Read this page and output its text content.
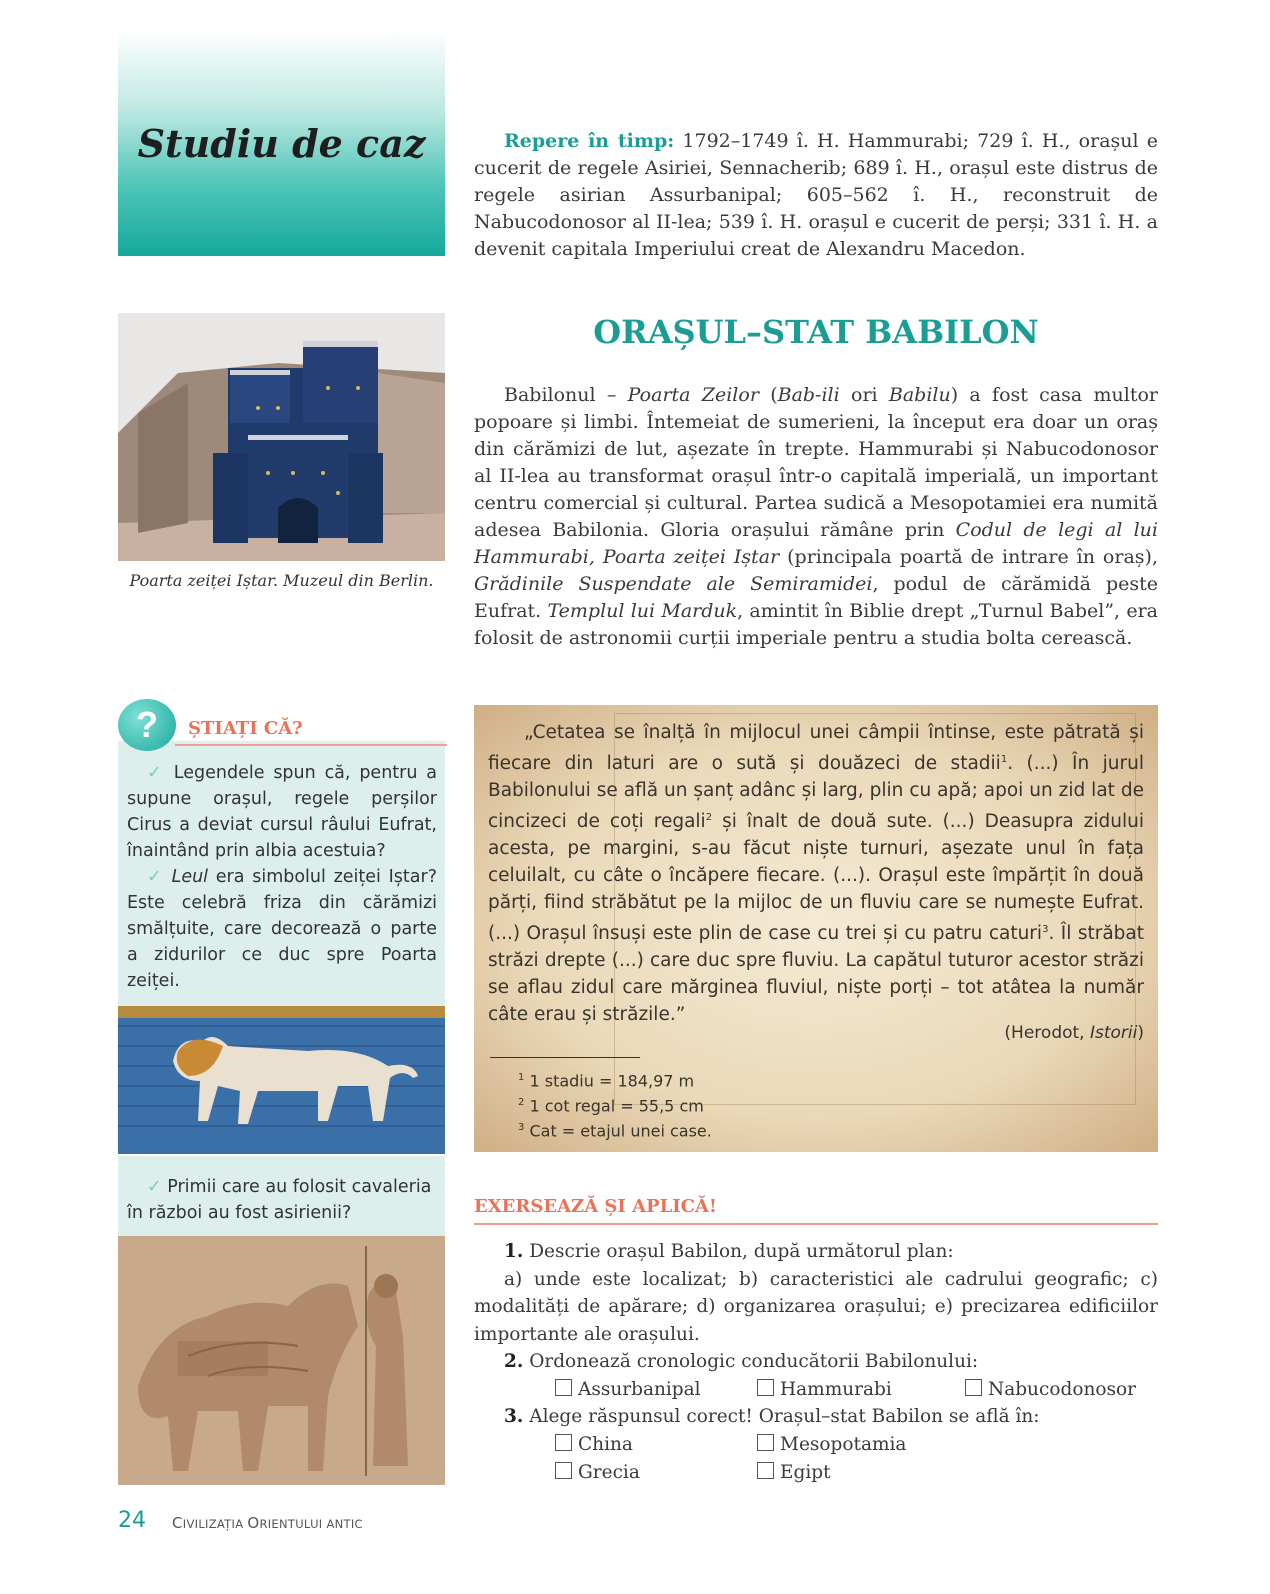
Studiu de caz	Repere în timp: 1792–1749 î. H. Hammurabi; 729 î. H., orașul e cucerit de regele Asiriei, Sennacherib; 689 î. H., orașul este distrus de regele asirian Assurbanipal; 605–562 î. H., reconstruit de Nabucodonosor al II-lea; 539 î. H. orașul e cucerit de perși; 331 î. H. a devenit capitala Imperiului creat de Alexandru Macedon.
Poarta zeiței Iștar. Muzeul din Berlin.
ORAȘUL–STAT BABILON
Babilonul – Poarta Zeilor (Bab-ili ori Babilu) a fost casa multor popoare și limbi. Întemeiat de sumerieni, la început era doar un oraș din cărămizi de lut, așezate în trepte. Hammurabi și Nabucodonosor al II-lea au transformat orașul într-o capitală imperială, un important centru comercial și cultural. Partea sudică a Mesopotamiei era numită adesea Babilonia. Gloria orașului rămâne prin Codul de legi al lui Hammurabi, Poarta zeiței Iștar (principala poartă de intrare în oraș), Grădinile Suspendate ale Semiramidei, podul de cărămidă peste Eufrat. Templul lui Marduk, amintit în Biblie drept „Turnul Babel”, era folosit de astronomii curții imperiale pentru a studia bolta cerească.
?	ȘTIAȚI CĂ?
✓ Legendele spun că, pentru a supune orașul, regele perșilor Cirus a deviat cursul râului Eufrat, înaintând prin albia acestuia?
✓ Leul era simbolul zeiței Iștar? Este celebră friza din cărămizi smălțuite, care decorează o parte a zidurilor ce duc spre Poarta zeiței.
✓ Primii care au folosit cavaleria în război au fost asirienii?
„Cetatea se înalță în mijlocul unei câmpii întinse, este pătrată și fiecare din laturi are o sută și douăzeci de stadii$^1$. (...) În jurul Babilonului se află un șanț adânc și larg, plin cu apă; apoi un zid lat de cincizeci de coți regali$^2$ și înalt de două sute. (...) Deasupra zidului acesta, pe margini, s-au făcut niște turnuri, așezate unul în fața celuilalt, cu câte o încăpere fiecare. (...). Orașul este împărțit în două părți, fiind străbătut pe la mijloc de un fluviu care se numește Eufrat. (...) Orașul însuși este plin de case cu trei și cu patru caturi$^3$. Îl străbat străzi drepte (...) care duc spre fluviu. La capătul tuturor acestor străzi se aflau zidul care mărginea fluviul, niște porți – tot atâtea la număr câte erau și străzile.”
(Herodot, Istorii)
$^1$ 1 stadiu = 184,97 m
$^2$ 1 cot regal = 55,5 cm
$^3$ Cat = etajul unei case.
EXERSEAZĂ ȘI APLICĂ!
1. Descrie orașul Babilon, după următorul plan:
a) unde este localizat; b) caracteristici ale cadrului geografic; c) modalități de apărare; d) organizarea orașului; e) precizarea edificiilor importante ale orașului.
2. Ordonează cronologic conducătorii Babilonului:
Assurbanipal	Hammurabi	Nabucodonosor
3. Alege răspunsul corect! Orașul–stat Babilon se află în:
China	Mesopotamia
Grecia	Egipt
24 CIVILIZAȚIA ORIENTULUI ANTIC
